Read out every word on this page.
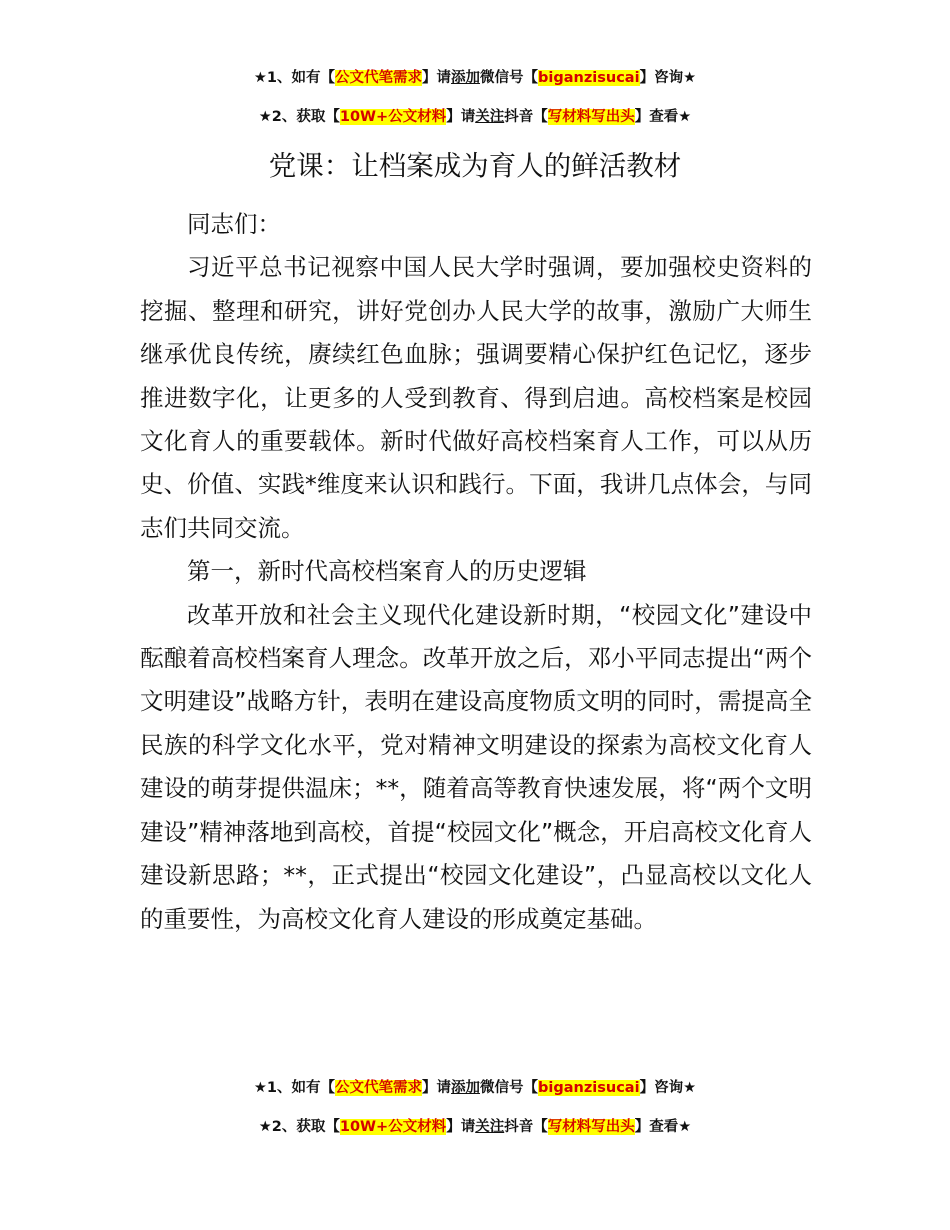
★1、如有【公文代笔需求】请添加微信号【biganzisucai】咨询★
★2、获取【10W+公文材料】请关注抖音【写材料写出头】查看★
党课：让档案成为育人的鲜活教材

同志们：

习近平总书记视察中国人民大学时强调，要加强校史资料的挖掘、整理和研究，讲好党创办人民大学的故事，激励广大师生继承优良传统，赓续红色血脉；强调要精心保护红色记忆，逐步推进数字化，让更多的人受到教育、得到启迪。高校档案是校园文化育人的重要载体。新时代做好高校档案育人工作，可以从历史、价值、实践*维度来认识和践行。下面，我讲几点体会，与同志们共同交流。

第一，新时代高校档案育人的历史逻辑

改革开放和社会主义现代化建设新时期，“校园文化”建设中酝酿着高校档案育人理念。改革开放之后，邓小平同志提出“两个文明建设”战略方针，表明在建设高度物质文明的同时，需提高全民族的科学文化水平，党对精神文明建设的探索为高校文化育人建设的萌芽提供温床；**，随着高等教育快速发展，将“两个文明建设”精神落地到高校，首提“校园文化”概念，开启高校文化育人建设新思路；**，正式提出“校园文化建设”，凸显高校以文化人的重要性，为高校文化育人建设的形成奠定基础。

★1、如有【公文代笔需求】请添加微信号【biganzisucai】咨询★
★2、获取【10W+公文材料】请关注抖音【写材料写出头】查看★
